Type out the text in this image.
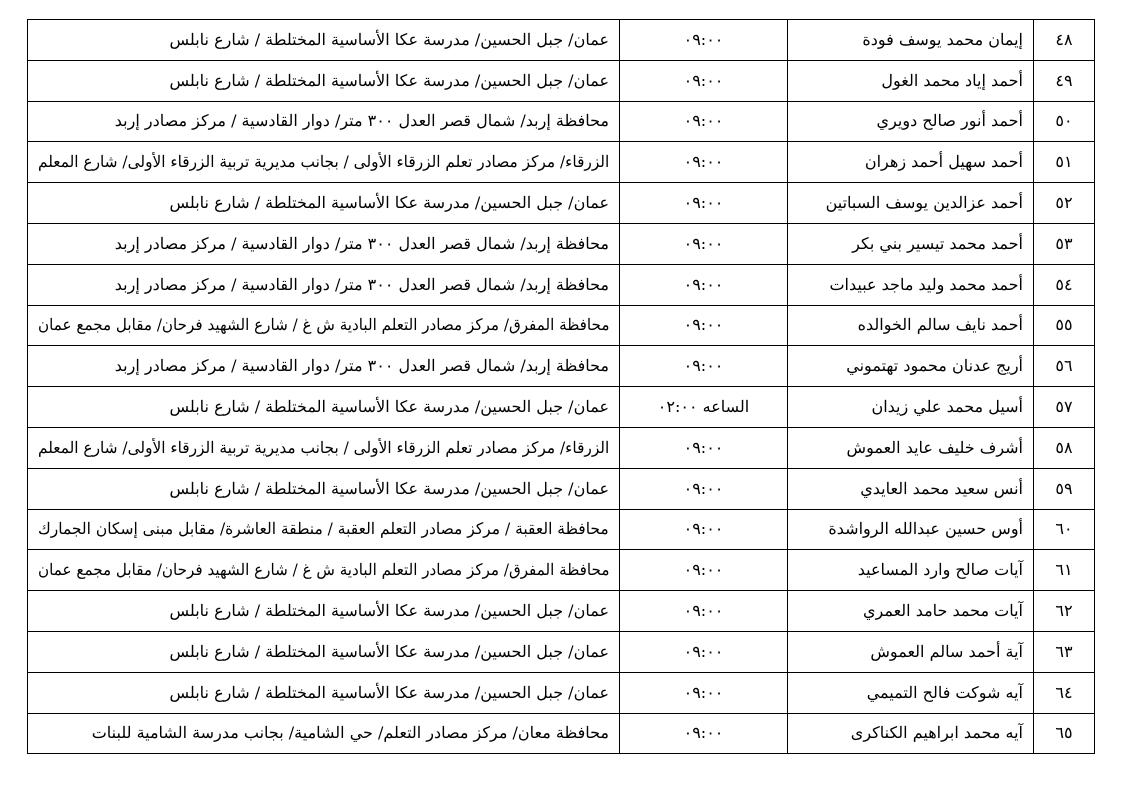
٤٨	إيمان محمد يوسف فودة	٠٩:٠٠	عمان/ جبل الحسين/ مدرسة عكا الأساسية المختلطة / شارع نابلس
٤٩	أحمد إياد محمد الغول	٠٩:٠٠	عمان/ جبل الحسين/ مدرسة عكا الأساسية المختلطة / شارع نابلس
٥٠	أحمد أنور صالح دويري	٠٩:٠٠	محافظة إربد/ شمال قصر العدل ٣٠٠ متر/ دوار القادسية / مركز مصادر إربد
٥١	أحمد سهيل أحمد زهران	٠٩:٠٠	الزرقاء/ مركز مصادر تعلم الزرقاء الأولى / بجانب مديرية تربية الزرقاء الأولى/ شارع المعلم
٥٢	أحمد عزالدين يوسف السباتين	٠٩:٠٠	عمان/ جبل الحسين/ مدرسة عكا الأساسية المختلطة / شارع نابلس
٥٣	أحمد محمد تيسير بني بكر	٠٩:٠٠	محافظة إربد/ شمال قصر العدل ٣٠٠ متر/ دوار القادسية / مركز مصادر إربد
٥٤	أحمد محمد وليد ماجد عبيدات	٠٩:٠٠	محافظة إربد/ شمال قصر العدل ٣٠٠ متر/ دوار القادسية / مركز مصادر إربد
٥٥	أحمد نايف سالم الخوالده	٠٩:٠٠	محافظة المفرق/ مركز مصادر التعلم البادية ش غ / شارع الشهيد فرحان/ مقابل مجمع عمان
٥٦	أريج عدنان محمود تهتموني	٠٩:٠٠	محافظة إربد/ شمال قصر العدل ٣٠٠ متر/ دوار القادسية / مركز مصادر إربد
٥٧	أسيل محمد علي زيدان	الساعه ٠٢:٠٠	عمان/ جبل الحسين/ مدرسة عكا الأساسية المختلطة / شارع نابلس
٥٨	أشرف خليف عايد العموش	٠٩:٠٠	الزرقاء/ مركز مصادر تعلم الزرقاء الأولى / بجانب مديرية تربية الزرقاء الأولى/ شارع المعلم
٥٩	أنس سعيد محمد العايدي	٠٩:٠٠	عمان/ جبل الحسين/ مدرسة عكا الأساسية المختلطة / شارع نابلس
٦٠	أوس حسين عبدالله الرواشدة	٠٩:٠٠	محافظة العقبة / مركز مصادر التعلم العقبة / منطقة العاشرة/ مقابل مبنى إسكان الجمارك
٦١	آيات صالح وارد المساعيد	٠٩:٠٠	محافظة المفرق/ مركز مصادر التعلم البادية ش غ / شارع الشهيد فرحان/ مقابل مجمع عمان
٦٢	آيات محمد حامد العمري	٠٩:٠٠	عمان/ جبل الحسين/ مدرسة عكا الأساسية المختلطة / شارع نابلس
٦٣	آية أحمد سالم العموش	٠٩:٠٠	عمان/ جبل الحسين/ مدرسة عكا الأساسية المختلطة / شارع نابلس
٦٤	آيه شوكت فالح التميمي	٠٩:٠٠	عمان/ جبل الحسين/ مدرسة عكا الأساسية المختلطة / شارع نابلس
٦٥	آيه محمد ابراهيم الكناكرى	٠٩:٠٠	محافظة معان/ مركز مصادر التعلم/ حي الشامية/ بجانب مدرسة الشامية للبنات
